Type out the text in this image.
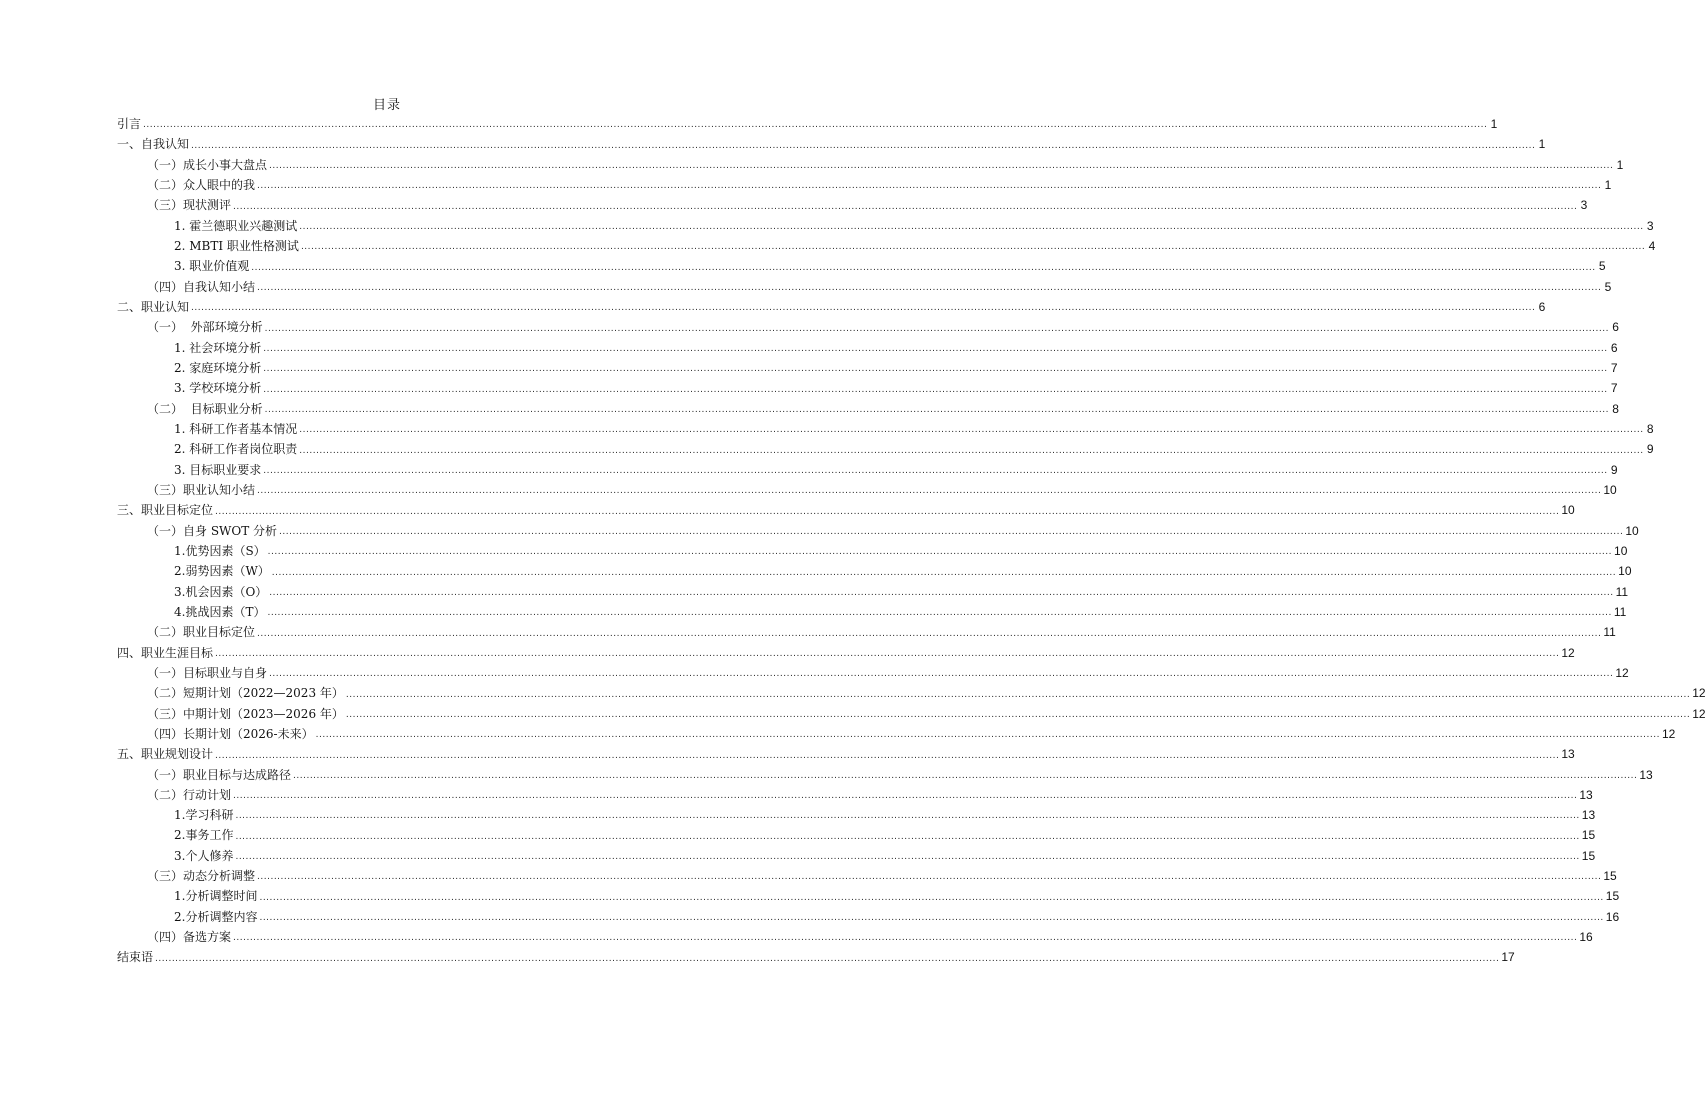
目录
引言 ................................................................................................................................................................................................................................................................................................................................................................................................................ 1
一、自我认知 ................................................................................................................................................................................................................................................................................................................................................................................................................ 1
（一）成长小事大盘点 ................................................................................................................................................................................................................................................................................................................................................................................................................ 1
（二）众人眼中的我 ................................................................................................................................................................................................................................................................................................................................................................................................................ 1
（三）现状测评 ................................................................................................................................................................................................................................................................................................................................................................................................................ 3
1. 霍兰德职业兴趣测试 ................................................................................................................................................................................................................................................................................................................................................................................................................ 3
2. MBTI 职业性格测试 ................................................................................................................................................................................................................................................................................................................................................................................................................ 4
3. 职业价值观 ................................................................................................................................................................................................................................................................................................................................................................................................................ 5
（四）自我认知小结 ................................................................................................................................................................................................................................................................................................................................................................................................................ 5
二、职业认知 ................................................................................................................................................................................................................................................................................................................................................................................................................ 6
（一）  外部环境分析 ................................................................................................................................................................................................................................................................................................................................................................................................................ 6
1. 社会环境分析 ................................................................................................................................................................................................................................................................................................................................................................................................................ 6
2. 家庭环境分析 ................................................................................................................................................................................................................................................................................................................................................................................................................ 7
3. 学校环境分析 ................................................................................................................................................................................................................................................................................................................................................................................................................ 7
（二）  目标职业分析 ................................................................................................................................................................................................................................................................................................................................................................................................................ 8
1. 科研工作者基本情况 ................................................................................................................................................................................................................................................................................................................................................................................................................ 8
2. 科研工作者岗位职责 ................................................................................................................................................................................................................................................................................................................................................................................................................ 9
3. 目标职业要求 ................................................................................................................................................................................................................................................................................................................................................................................................................ 9
（三）职业认知小结 ................................................................................................................................................................................................................................................................................................................................................................................................................ 10
三、职业目标定位 ................................................................................................................................................................................................................................................................................................................................................................................................................ 10
（一）自身 SWOT 分析 ................................................................................................................................................................................................................................................................................................................................................................................................................ 10
1.优势因素（S） ................................................................................................................................................................................................................................................................................................................................................................................................................ 10
2.弱势因素（W） ................................................................................................................................................................................................................................................................................................................................................................................................................ 10
3.机会因素（O） ................................................................................................................................................................................................................................................................................................................................................................................................................ 11
4.挑战因素（T） ................................................................................................................................................................................................................................................................................................................................................................................................................ 11
（二）职业目标定位 ................................................................................................................................................................................................................................................................................................................................................................................................................ 11
四、职业生涯目标 ................................................................................................................................................................................................................................................................................................................................................................................................................ 12
（一）目标职业与自身 ................................................................................................................................................................................................................................................................................................................................................................................................................ 12
（二）短期计划（2022—2023 年） ................................................................................................................................................................................................................................................................................................................................................................................................................ 12
（三）中期计划（2023—2026 年） ................................................................................................................................................................................................................................................................................................................................................................................................................ 12
（四）长期计划（2026-未来） ................................................................................................................................................................................................................................................................................................................................................................................................................ 12
五、职业规划设计 ................................................................................................................................................................................................................................................................................................................................................................................................................ 13
（一）职业目标与达成路径 ................................................................................................................................................................................................................................................................................................................................................................................................................ 13
（二）行动计划 ................................................................................................................................................................................................................................................................................................................................................................................................................ 13
1.学习科研 ................................................................................................................................................................................................................................................................................................................................................................................................................ 13
2.事务工作 ................................................................................................................................................................................................................................................................................................................................................................................................................ 15
3.个人修养 ................................................................................................................................................................................................................................................................................................................................................................................................................ 15
（三）动态分析调整 ................................................................................................................................................................................................................................................................................................................................................................................................................ 15
1.分析调整时间 ................................................................................................................................................................................................................................................................................................................................................................................................................ 15
2.分析调整内容 ................................................................................................................................................................................................................................................................................................................................................................................................................ 16
（四）备选方案 ................................................................................................................................................................................................................................................................................................................................................................................................................ 16
结束语 ................................................................................................................................................................................................................................................................................................................................................................................................................ 17
